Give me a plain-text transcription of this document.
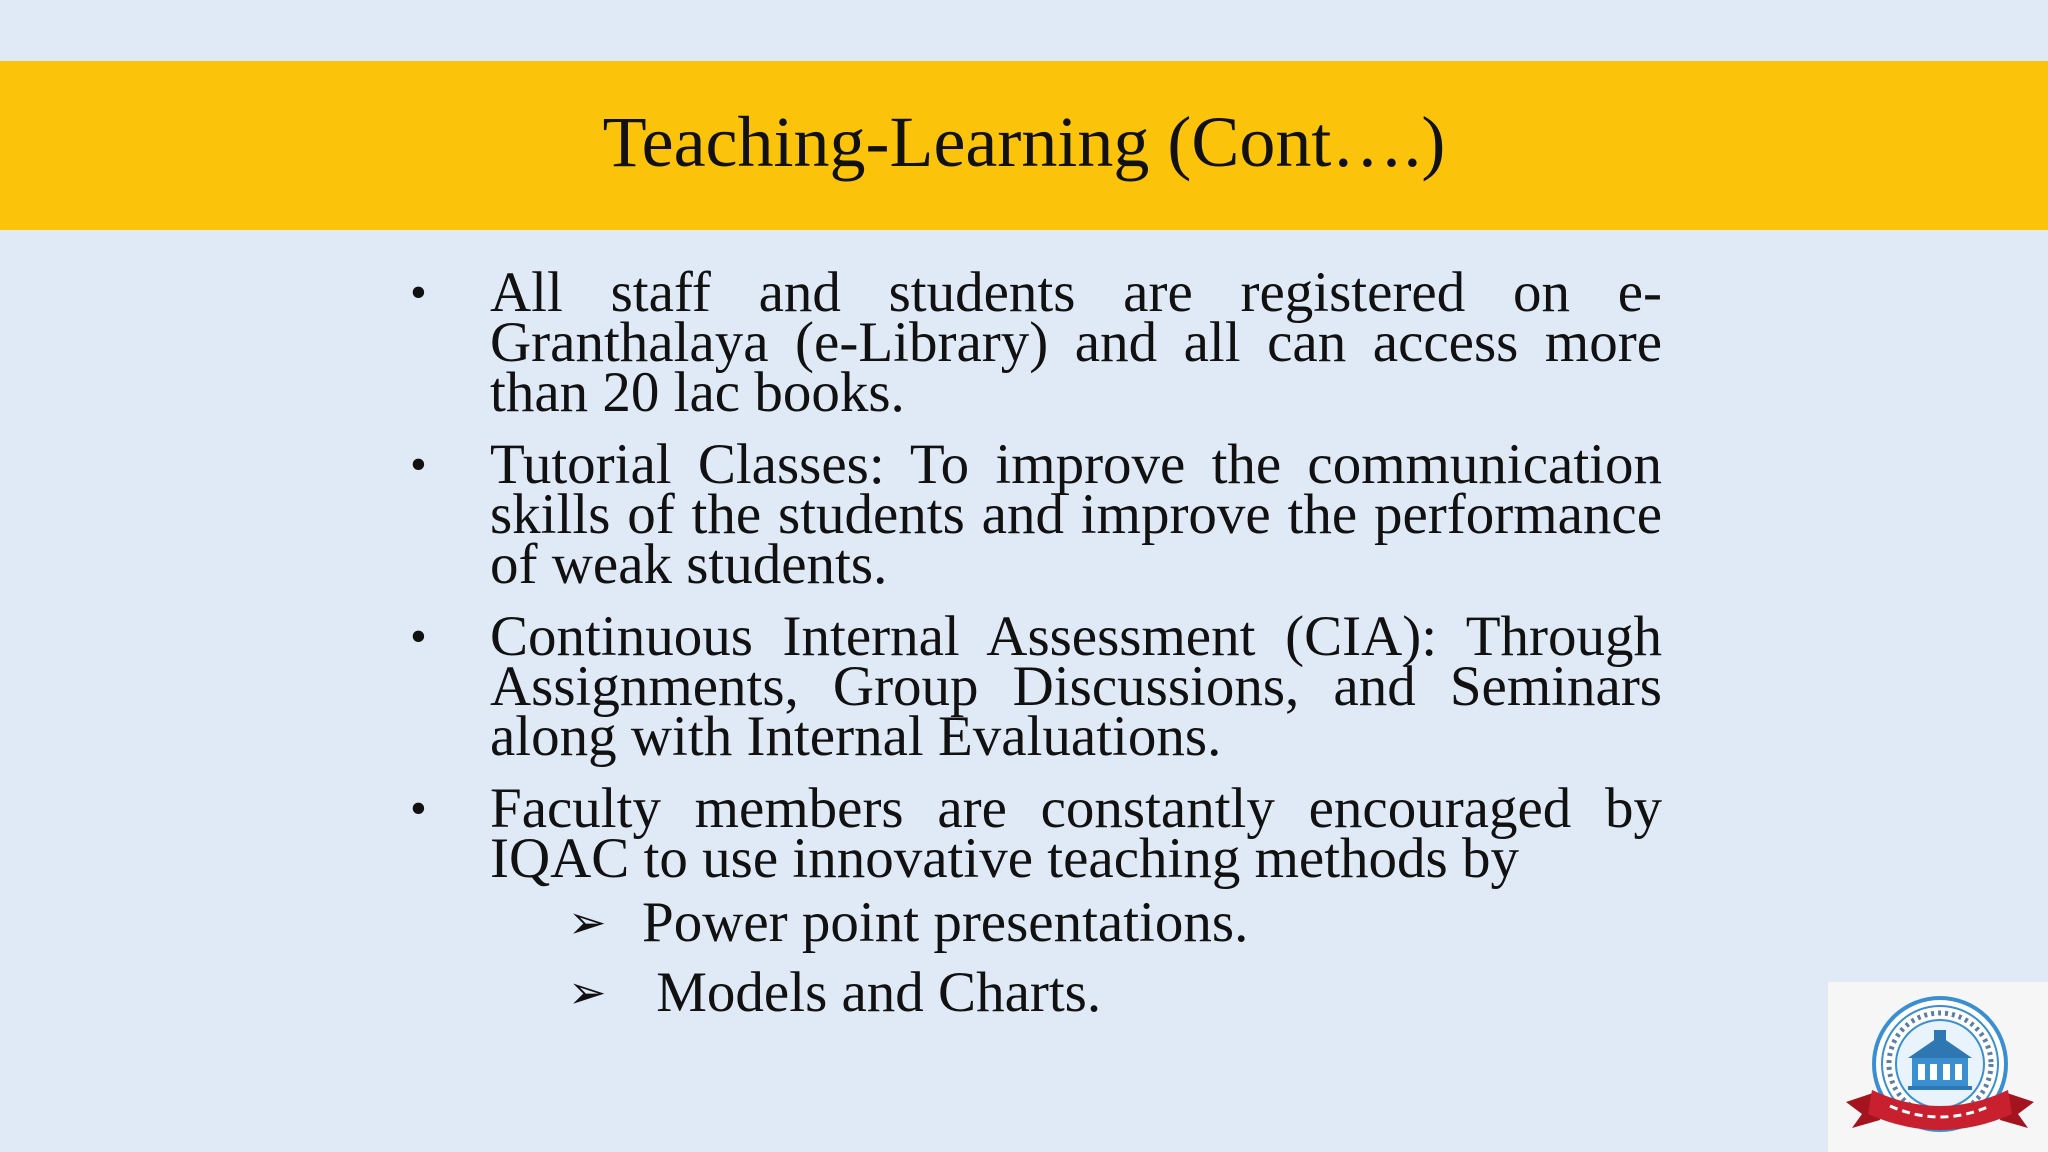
Teaching-Learning (Cont….)
• All staff and students are registered on e-Granthalaya (e-Library) and all can access more than 20 lac books.
• Tutorial Classes: To improve the communication skills of the students and improve the performance of weak students.
• Continuous Internal Assessment (CIA): Through Assignments, Group Discussions, and Seminars along with Internal Evaluations.
• Faculty members are constantly encouraged by IQAC to use innovative teaching methods by
➢ Power point presentations.
➢ Models and Charts.
